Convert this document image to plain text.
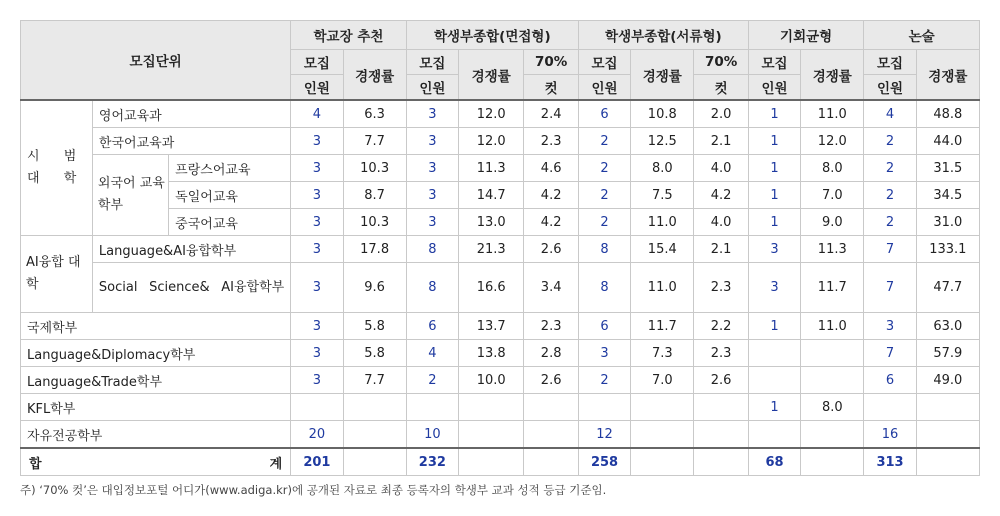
모집단위			학교장 추천		학생부종합(면접형)			학생부종합(서류형)			기회균형		논술	
			모집	경쟁률	모집	경쟁률	70%	모집	경쟁률	70%	모집	경쟁률	모집	경쟁률
			인원		인원		컷	인원		컷	인원		인원	
시 범 대 학	영어교육과		4	6.3	3	12.0	2.4	6	10.8	2.0	1	11.0	4	48.8
	한국어교육과		3	7.7	3	12.0	2.3	2	12.5	2.1	1	12.0	2	44.0
	외국어 교육학부	프랑스어교육	3	10.3	3	11.3	4.6	2	8.0	4.0	1	8.0	2	31.5
		독일어교육	3	8.7	3	14.7	4.2	2	7.5	4.2	1	7.0	2	34.5
		중국어교육	3	10.3	3	13.0	4.2	2	11.0	4.0	1	9.0	2	31.0
AI융합 대 학	Language&AI융합학부		3	17.8	8	21.3	2.6	8	15.4	2.1	3	11.3	7	133.1
	Social Science& AI융합학부		3	9.6	8	16.6	3.4	8	11.0	2.3	3	11.7	7	47.7
국제학부			3	5.8	6	13.7	2.3	6	11.7	2.2	1	11.0	3	63.0
Language&Diplomacy학부			3	5.8	4	13.8	2.8	3	7.3	2.3			7	57.9
Language&Trade학부			3	7.7	2	10.0	2.6	2	7.0	2.6			6	49.0
KFL학부											1	8.0		
자유전공학부			20		10			12					16	

합 계			201		232			258			68		313	
주) ‘70% 컷’은 대입정보포털 어디가(www.adiga.kr)에 공개된 자료로 최종 등록자의 학생부 교과 성적 등급 기준임.
